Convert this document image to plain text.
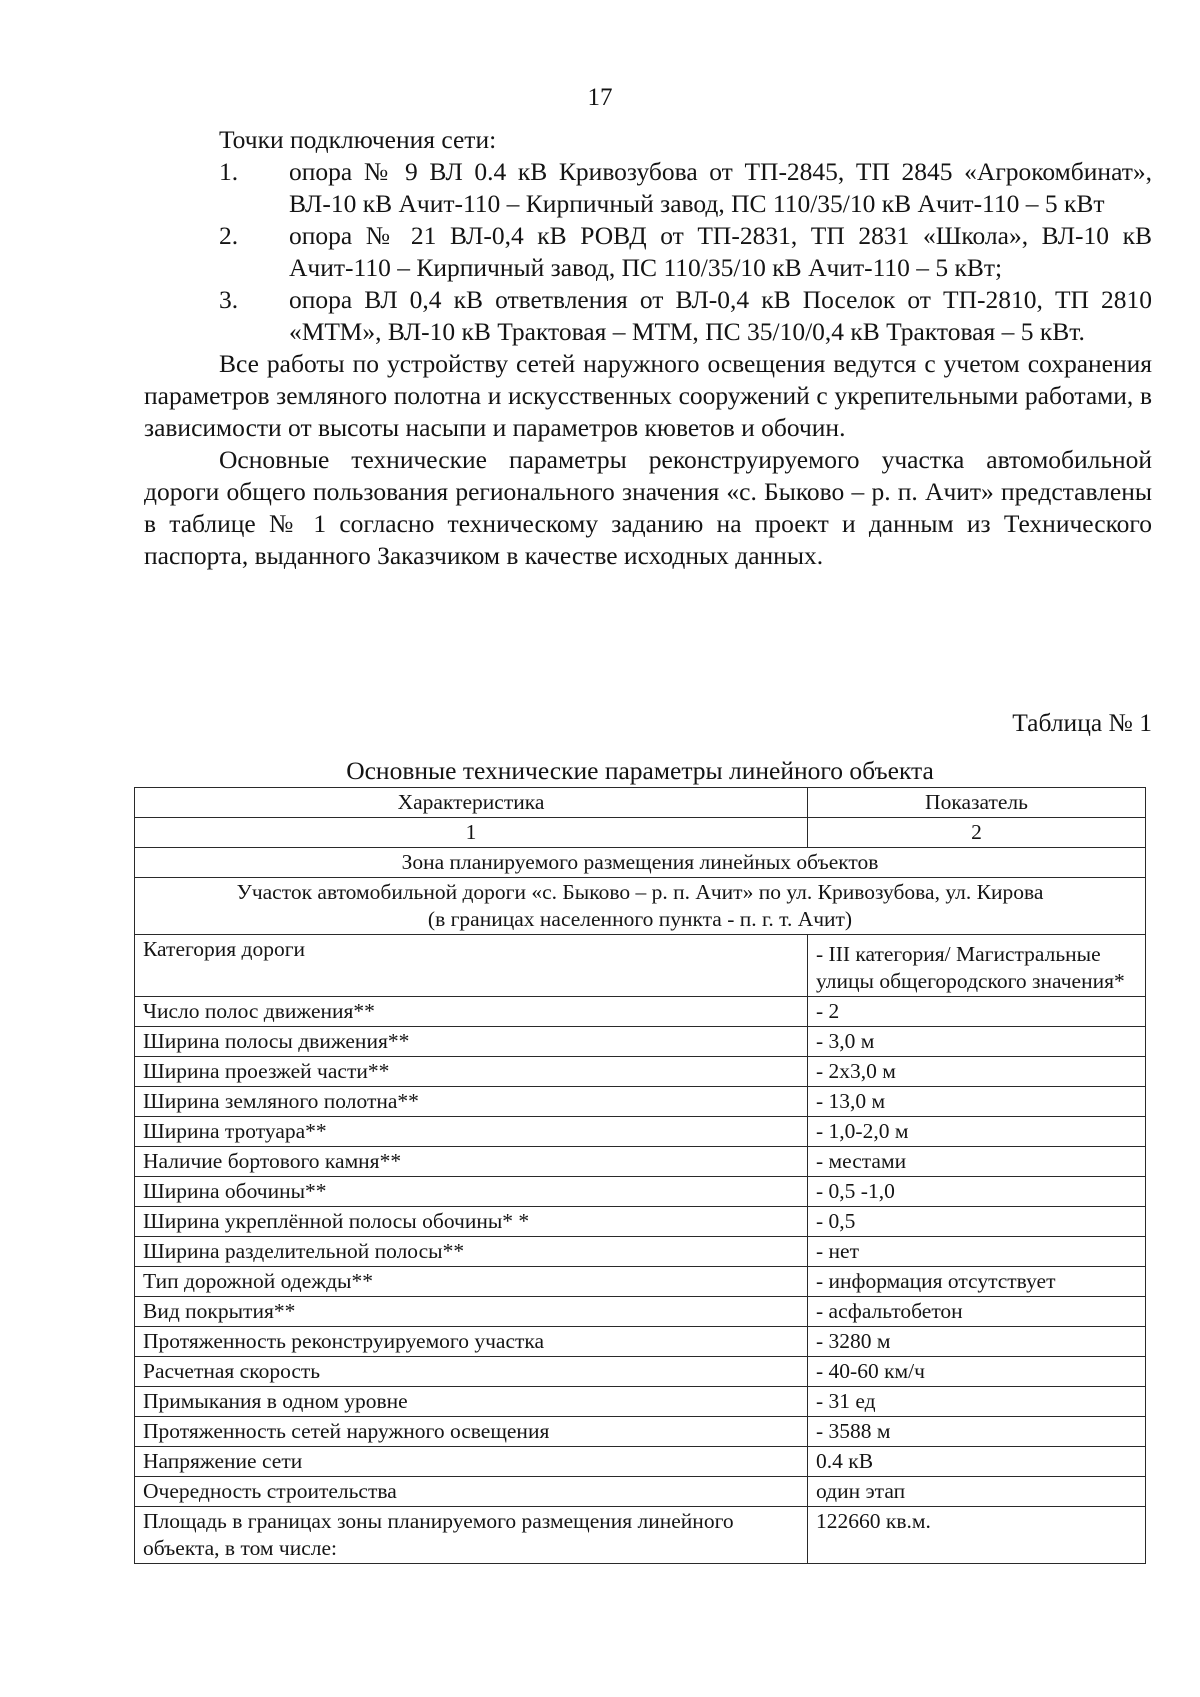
17

Точки подключения сети:

1.	опора № 9 ВЛ 0.4 кВ Кривозубова от ТП-2845, ТП 2845 «Агрокомбинат», ВЛ-10 кВ Ачит-110 – Кирпичный завод, ПС 110/35/10 кВ Ачит-110 – 5 кВт
2.	опора № 21 ВЛ-0,4 кВ РОВД от ТП-2831, ТП 2831 «Школа», ВЛ-10 кВ Ачит-110 – Кирпичный завод, ПС 110/35/10 кВ Ачит-110 – 5 кВт;
3.	опора ВЛ 0,4 кВ ответвления от ВЛ-0,4 кВ Поселок от ТП-2810, ТП 2810 «МТМ», ВЛ-10 кВ Трактовая – МТМ, ПС 35/10/0,4 кВ Трактовая – 5 кВт.

Все работы по устройству сетей наружного освещения ведутся с учетом сохранения параметров земляного полотна и искусственных сооружений с укрепительными работами, в зависимости от высоты насыпи и параметров кюветов и обочин.

Основные технические параметры реконструируемого участка автомобильной дороги общего пользования регионального значения «с. Быково – р. п. Ачит» представлены в таблице № 1 согласно техническому заданию на проект и данным из Технического паспорта, выданного Заказчиком в качестве исходных данных.

Таблица № 1
Основные технические параметры линейного объекта
Характеристика	Показатель
1	2
Зона планируемого размещения линейных объектов	

Участок автомобильной дороги «с. Быково – р. п. Ачит» по ул. Кривозубова, ул. Кирова
(в границах населенного пункта - п. г. т. Ачит)	

Категория дороги	- III категория/ Магистральные улицы общегородского значения*
Число полос движения**	- 2
Ширина полосы движения**	- 3,0 м
Ширина проезжей части**	- 2х3,0 м
Ширина земляного полотна**	- 13,0 м
Ширина тротуара**	- 1,0-2,0 м
Наличие бортового камня**	- местами
Ширина обочины**	- 0,5 -1,0
Ширина укреплённой полосы обочины* *	- 0,5
Ширина разделительной полосы**	- нет
Тип дорожной одежды**	- информация отсутствует
Вид покрытия**	- асфальтобетон
Протяженность реконструируемого участка	- 3280 м
Расчетная скорость	- 40-60 км/ч
Примыкания в одном уровне	- 31 ед
Протяженность сетей наружного освещения	- 3588 м
Напряжение сети	0.4 кВ
Очередность строительства	один этап
Площадь в границах зоны планируемого размещения линейного объекта, в том числе:	122660 кв.м.
